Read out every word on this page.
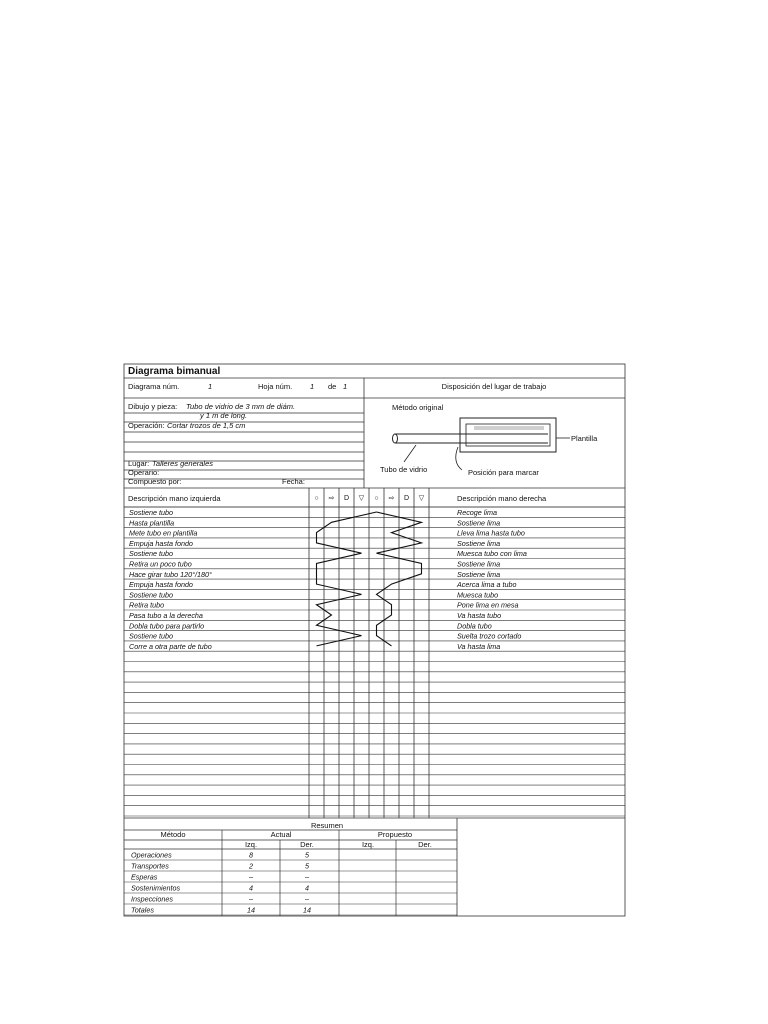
Diagrama bimanual
Diagrama núm.	1	Hoja núm. 1 de 1	Disposición del lugar de trabajo
Dibujo y pieza: Tubo de vidrio de 3 mm de diám.
y 1 m de long.
Operación: Cortar trozos de 1,5 cm
Lugar: Talleres generales
Operario:
Compuesto por:	Fecha:
Método original
Plantilla
Tubo de vidrio	Posición para marcar
Descripción mano izquierda	Descripción mano derecha
○ ⇨ D ▽ ○ ⇨ D ▽
Sostiene tubo	Recoge lima
Hasta plantilla	Sostiene lima
Mete tubo en plantilla	Lleva lima hasta tubo
Empuja hasta fondo	Sostiene lima
Sostiene tubo	Muesca tubo con lima
Retira un poco tubo	Sostiene lima
Hace girar tubo 120°/180°	Sostiene lima
Empuja hasta fondo	Acerca lima a tubo
Sostiene tubo	Muesca tubo
Retira tubo	Pone lima en mesa
Pasa tubo a la derecha	Va hasta tubo
Dobla tubo para partirlo	Dobla tubo
Sostiene tubo	Suelta trozo cortado
Corre a otra parte de tubo	Va hasta lima
Resumen
Método	Actual	Propuesto
Izq.	Der.	Izq.	Der.
Operaciones	8	5
Transportes	2	5
Esperas	–	–
Sostenimientos	4	4
Inspecciones	–	–
Totales	14	14
